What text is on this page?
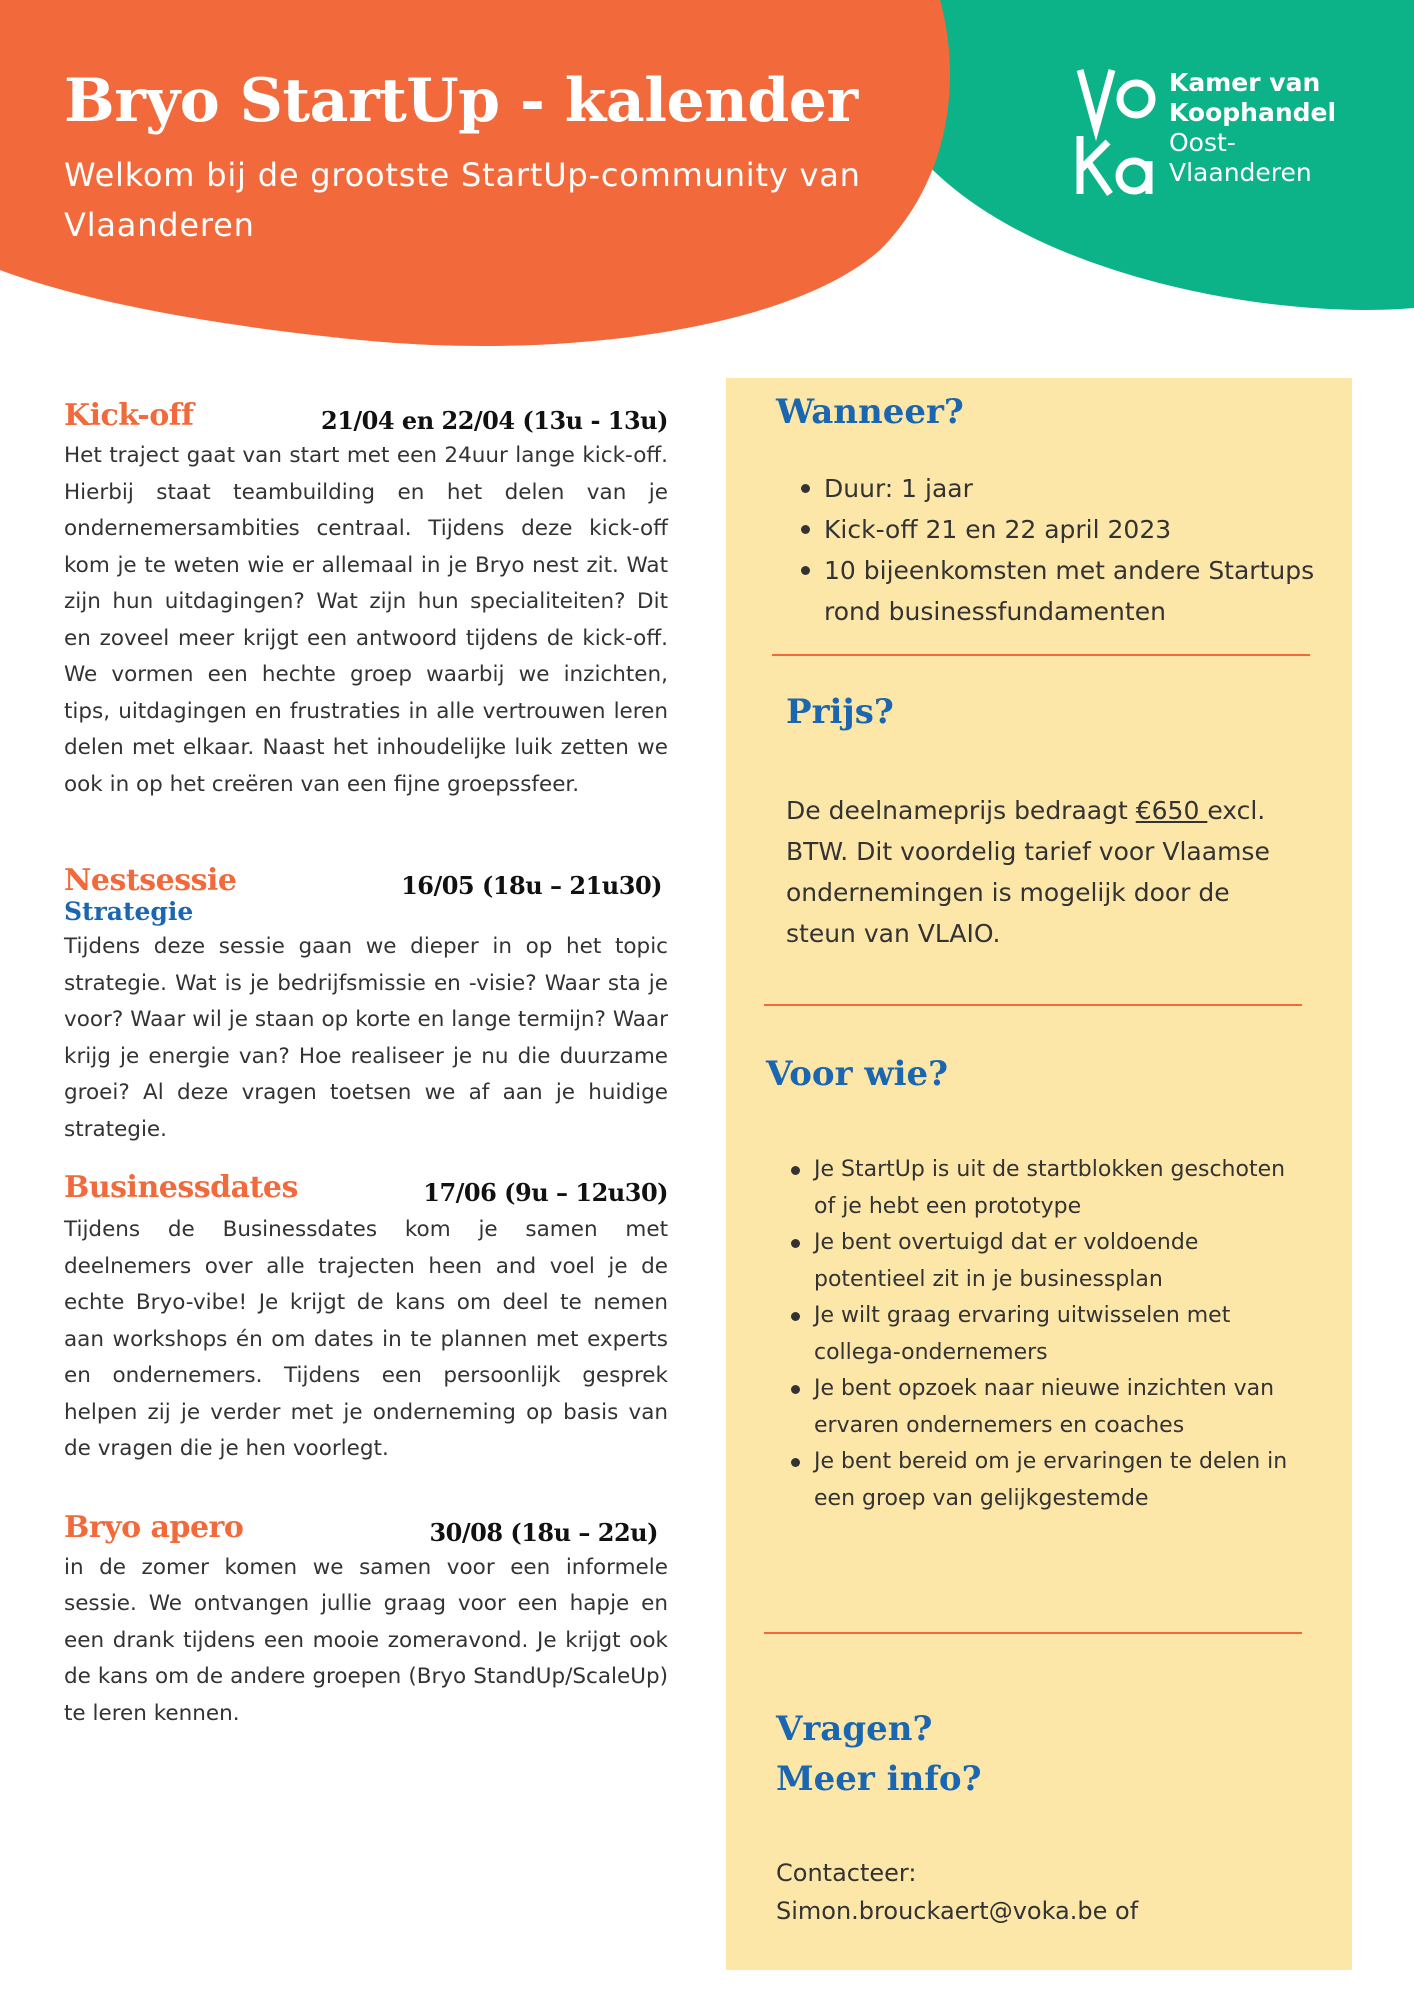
Bryo StartUp - kalender

Welkom bij de grootste StartUp-community van Vlaanderen

Kamer van
Koophandel
Oost-
Vlaanderen
Kick-off	21/04 en 22/04 (13u - 13u)

Het traject gaat van start met een 24uur lange kick-off. Hierbij staat teambuilding en het delen van je ondernemersambities centraal. Tijdens deze kick-off kom je te weten wie er allemaal in je Bryo nest zit. Wat zijn hun uitdagingen? Wat zijn hun specialiteiten? Dit en zoveel meer krijgt een antwoord tijdens de kick-off. We vormen een hechte groep waarbij we inzichten, tips, uitdagingen en frustraties in alle vertrouwen leren delen met elkaar. Naast het inhoudelijke luik zetten we ook in op het creëren van een fijne groepssfeer.

Nestsessie
Strategie
16/05 (18u – 21u30)

Tijdens deze sessie gaan we dieper in op het topic strategie. Wat is je bedrijfsmissie en -visie? Waar sta je voor? Waar wil je staan op korte en lange termijn? Waar krijg je energie van? Hoe realiseer je nu die duurzame groei? Al deze vragen toetsen we af aan je huidige strategie.

Businessdates	17/06 (9u – 12u30)

Tijdens de Businessdates kom je samen met deelnemers over alle trajecten heen and voel je de echte Bryo-vibe! Je krijgt de kans om deel te nemen aan workshops én om dates in te plannen met experts en ondernemers. Tijdens een persoonlijk gesprek helpen zij je verder met je onderneming op basis van de vragen die je hen voorlegt.

Bryo apero	30/08 (18u – 22u)

in de zomer komen we samen voor een informele sessie. We ontvangen jullie graag voor een hapje en een drank tijdens een mooie zomeravond. Je krijgt ook de kans om de andere groepen (Bryo StandUp/ScaleUp) te leren kennen.

Wanneer?
Duur: 1 jaar
Kick-off 21 en 22 april 2023
10 bijeenkomsten met andere Startups rond businessfundamenten
Prijs?

De deelnameprijs bedraagt €650 excl. BTW. Dit voordelig tarief voor Vlaamse ondernemingen is mogelijk door de steun van VLAIO.

Voor wie?
Je StartUp is uit de startblokken geschoten of je hebt een prototype
Je bent overtuigd dat er voldoende potentieel zit in je businessplan
Je wilt graag ervaring uitwisselen met collega-ondernemers
Je bent opzoek naar nieuwe inzichten van ervaren ondernemers en coaches
Je bent bereid om je ervaringen te delen in een groep van gelijkgestemde
Vragen?
Meer info?

Contacteer:

Simon.brouckaert@voka.be of
